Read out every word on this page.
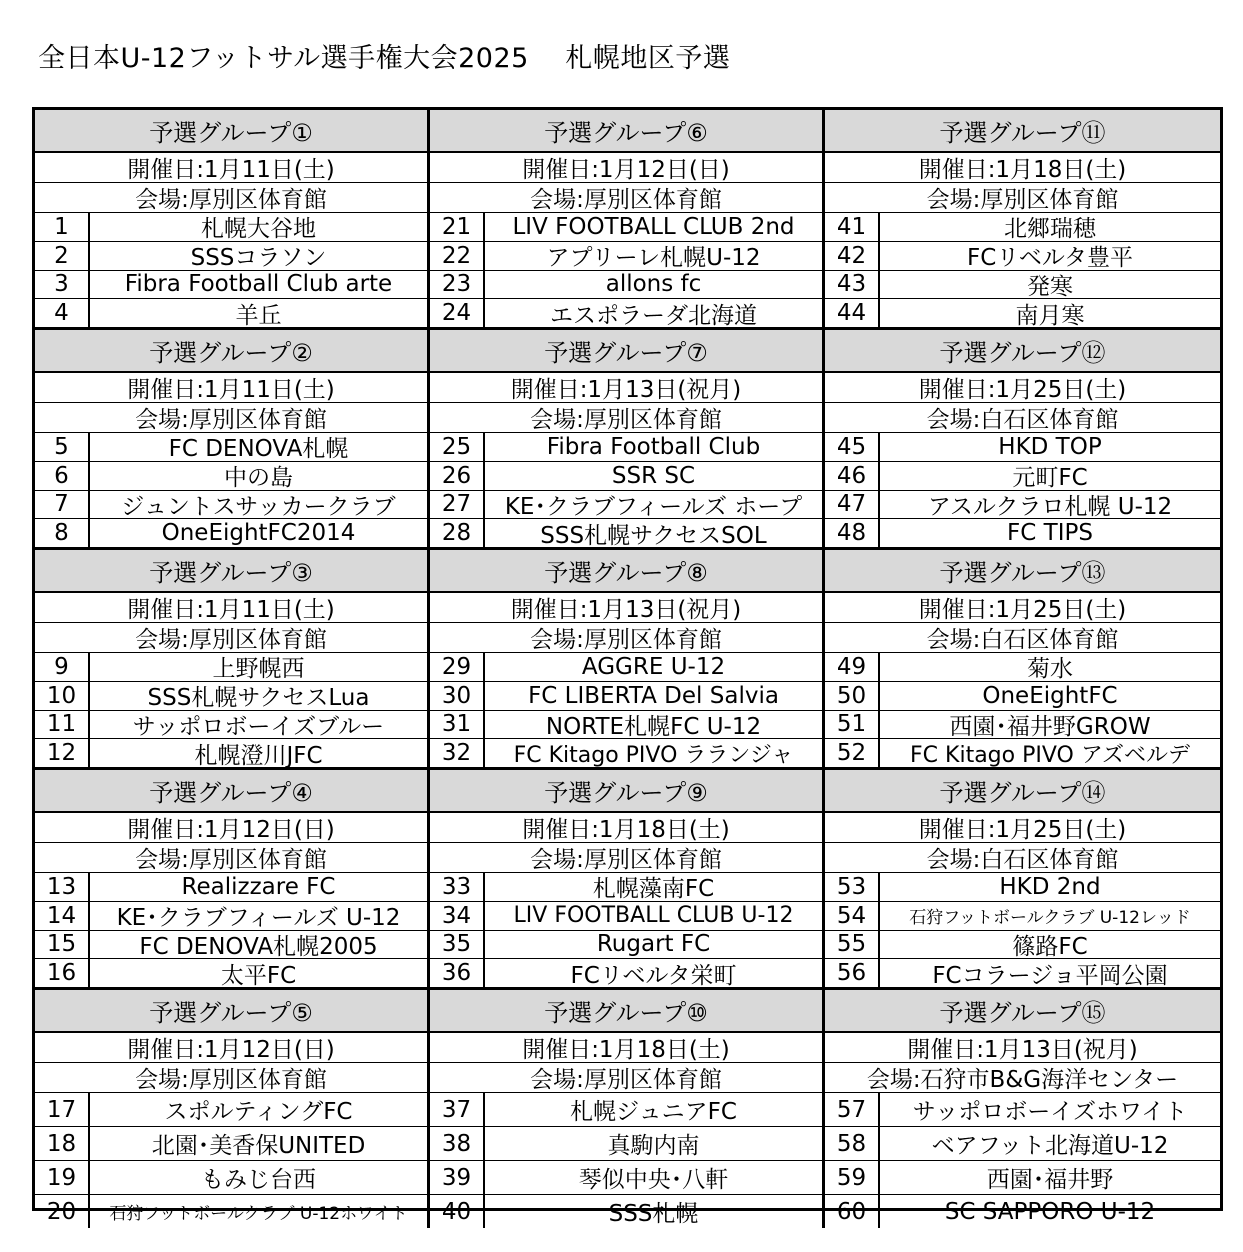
全日本U-12フットサル選手権大会2025　 札幌地区予選
予選グループ①
開催日:1月11日(土)
会場:厚別区体育館
1	札幌大谷地
2	SSSコラソン
3	Fibra Football Club arte
4	羊丘
予選グループ②
開催日:1月11日(土)
会場:厚別区体育館
5	FC DENOVA札幌
6	中の島
7	ジュントスサッカークラブ
8	OneEightFC2014
予選グループ③
開催日:1月11日(土)
会場:厚別区体育館
9	上野幌西
10	SSS札幌サクセスLua
11	サッポロボーイズブルー
12	札幌澄川JFC
予選グループ④
開催日:1月12日(日)
会場:厚別区体育館
13	Realizzare FC
14	KE･クラブフィールズ U-12
15	FC DENOVA札幌2005
16	太平FC
予選グループ⑤
開催日:1月12日(日)
会場:厚別区体育館
17	スポルティングFC
18	北園･美香保UNITED
19	もみじ台西
20	石狩フットボールクラブ U-12ホワイト
予選グループ⑥
開催日:1月12日(日)
会場:厚別区体育館
21	LIV FOOTBALL CLUB 2nd
22	アプリーレ札幌U-12
23	allons fc
24	エスポラーダ北海道
予選グループ⑦
開催日:1月13日(祝月)
会場:厚別区体育館
25	Fibra Football Club
26	SSR SC
27	KE･クラブフィールズ ホープ
28	SSS札幌サクセスSOL
予選グループ⑧
開催日:1月13日(祝月)
会場:厚別区体育館
29	AGGRE U-12
30	FC LIBERTA Del Salvia
31	NORTE札幌FC U-12
32	FC Kitago PIVO ラランジャ
予選グループ⑨
開催日:1月18日(土)
会場:厚別区体育館
33	札幌藻南FC
34	LIV FOOTBALL CLUB U-12
35	Rugart FC
36	FCリベルタ栄町
予選グループ⑩
開催日:1月18日(土)
会場:厚別区体育館
37	札幌ジュニアFC
38	真駒内南
39	琴似中央･八軒
40	SSS札幌
予選グループ⑪
開催日:1月18日(土)
会場:厚別区体育館
41	北郷瑞穂
42	FCリベルタ豊平
43	発寒
44	南月寒
予選グループ⑫
開催日:1月25日(土)
会場:白石区体育館
45	HKD TOP
46	元町FC
47	アスルクラロ札幌 U-12
48	FC TIPS
予選グループ⑬
開催日:1月25日(土)
会場:白石区体育館
49	菊水
50	OneEightFC
51	西園･福井野GROW
52	FC Kitago PIVO アズベルデ
予選グループ⑭
開催日:1月25日(土)
会場:白石区体育館
53	HKD 2nd
54	石狩フットボールクラブ U-12レッド
55	篠路FC
56	FCコラージョ平岡公園
予選グループ⑮
開催日:1月13日(祝月)
会場:石狩市B&G海洋センター
57	サッポロボーイズホワイト
58	ベアフット北海道U-12
59	西園･福井野
60	SC SAPPORO U-12
